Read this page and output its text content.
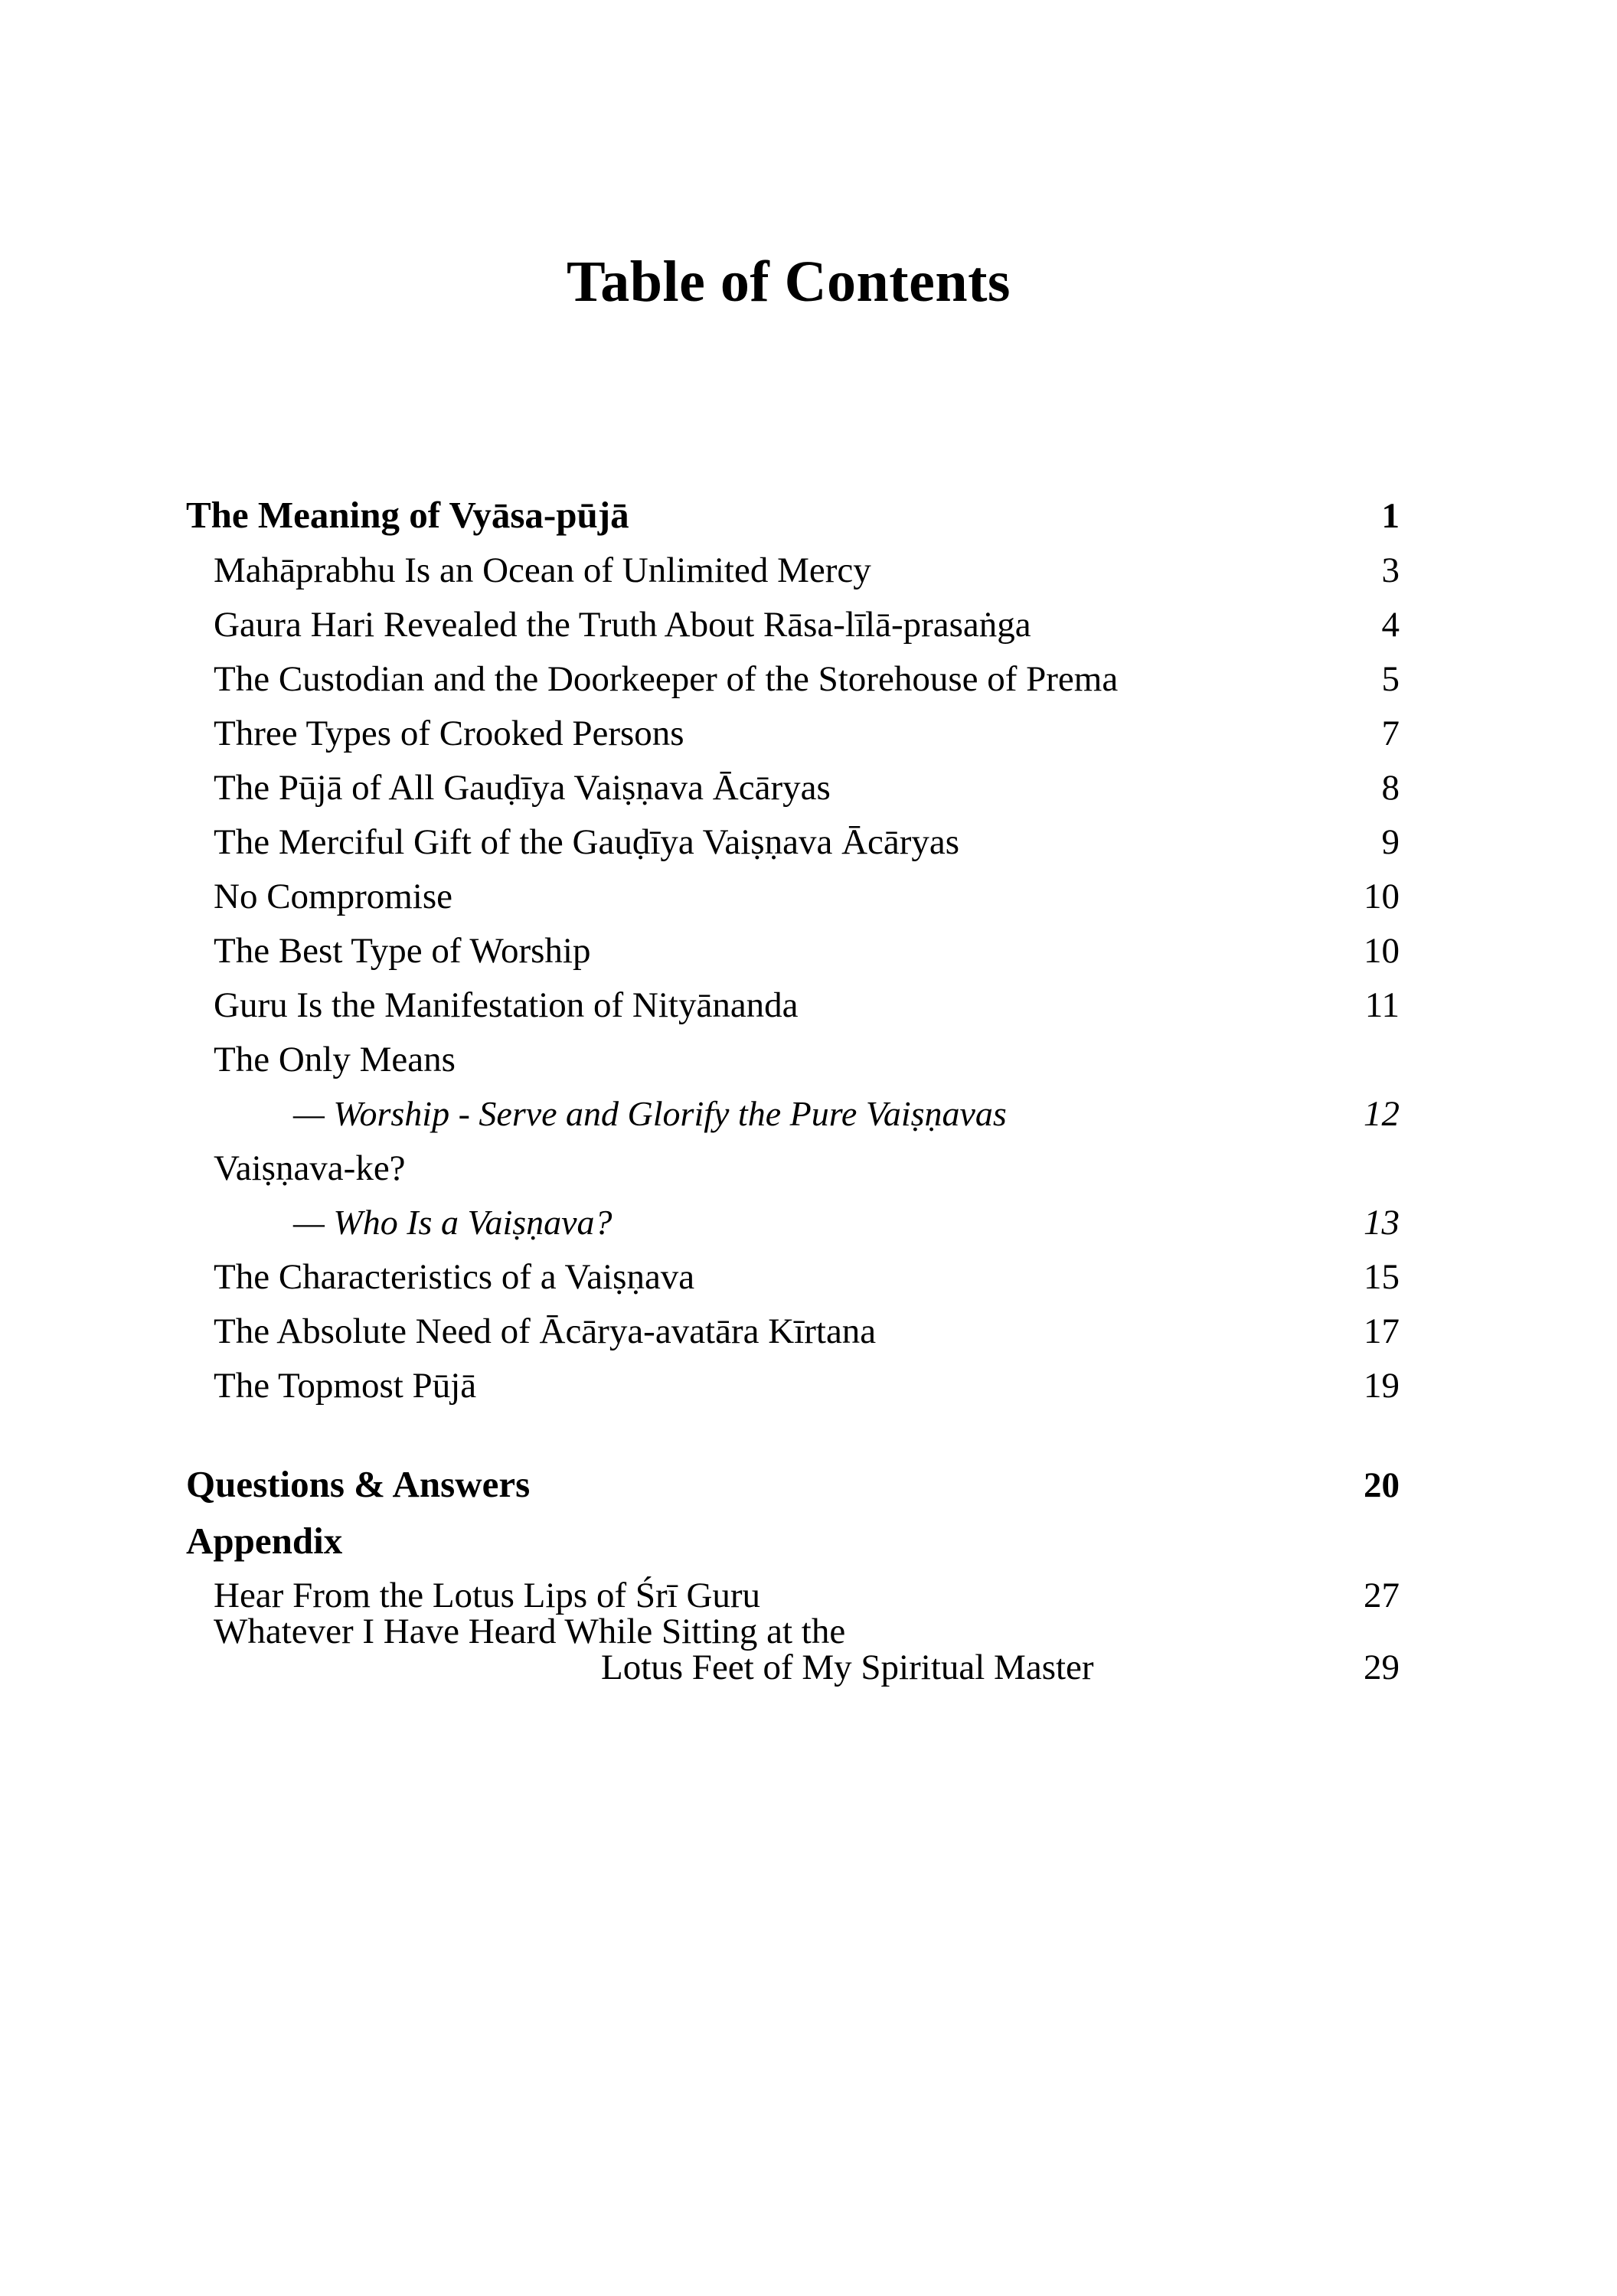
Table of Contents
The Meaning of Vyāsa-pūjā	1
Mahāprabhu Is an Ocean of Unlimited Mercy	3
Gaura Hari Revealed the Truth About Rāsa-līlā-prasaṅga	4
The Custodian and the Doorkeeper of the Storehouse of Prema	5
Three Types of Crooked Persons	7
The Pūjā of All Gauḍīya Vaiṣṇava Ācāryas	8
The Merciful Gift of the Gauḍīya Vaiṣṇava Ācāryas	9
No Compromise	10
The Best Type of Worship	10
Guru Is the Manifestation of Nityānanda	11
The Only Means
— Worship - Serve and Glorify the Pure Vaiṣṇavas	12
Vaiṣṇava-ke?
— Who Is a Vaiṣṇava?	13
The Characteristics of a Vaiṣṇava	15
The Absolute Need of Ācārya-avatāra Kīrtana	17
The Topmost Pūjā	19
Questions & Answers	20
Appendix
Hear From the Lotus Lips of Śrī Guru	27
Whatever I Have Heard While Sitting at the
Lotus Feet of My Spiritual Master	29
